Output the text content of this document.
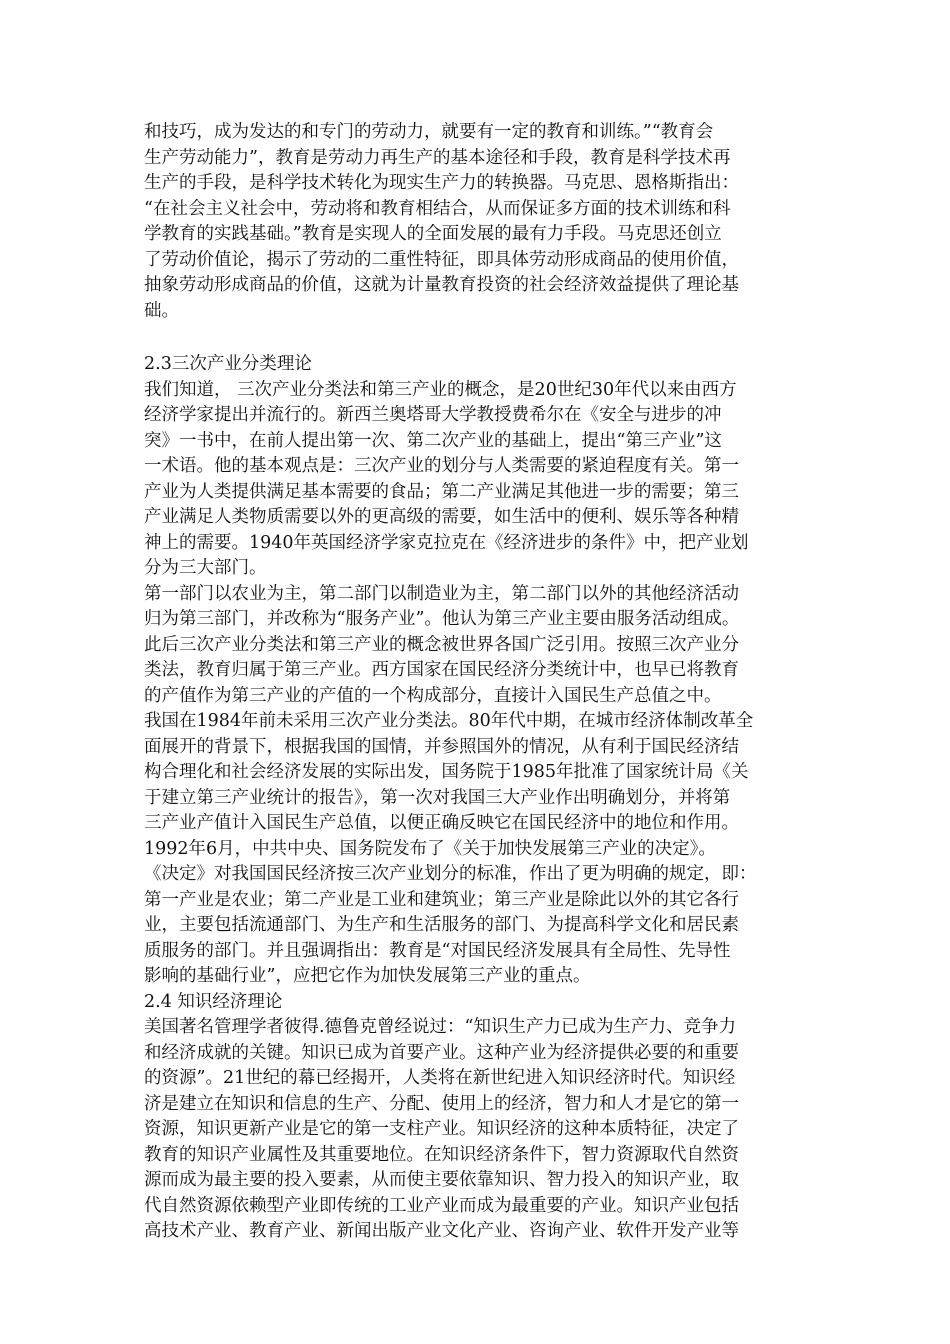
和技巧，成为发达的和专门的劳动力，就要有一定的教育和训练。”“教育会
生产劳动能力”，教育是劳动力再生产的基本途径和手段，教育是科学技术再
生产的手段，是科学技术转化为现实生产力的转换器。马克思、恩格斯指出：
“在社会主义社会中，劳动将和教育相结合，从而保证多方面的技术训练和科
学教育的实践基础。”教育是实现人的全面发展的最有力手段。马克思还创立
了劳动价值论，揭示了劳动的二重性特征，即具体劳动形成商品的使用价值，
抽象劳动形成商品的价值，这就为计量教育投资的社会经济效益提供了理论基
础。
2.3三次产业分类理论
我们知道， 三次产业分类法和第三产业的概念，是20世纪30年代以来由西方
经济学家提出并流行的。新西兰奥塔哥大学教授费希尔在《安全与进步的冲
突》一书中，在前人提出第一次、第二次产业的基础上，提出“第三产业”这
一术语。他的基本观点是：三次产业的划分与人类需要的紧迫程度有关。第一
产业为人类提供满足基本需要的食品；第二产业满足其他进一步的需要；第三
产业满足人类物质需要以外的更高级的需要，如生活中的便利、娱乐等各种精
神上的需要。1940年英国经济学家克拉克在《经济进步的条件》中，把产业划
分为三大部门。
第一部门以农业为主，第二部门以制造业为主，第二部门以外的其他经济活动
归为第三部门，并改称为“服务产业”。他认为第三产业主要由服务活动组成。
此后三次产业分类法和第三产业的概念被世界各国广泛引用。按照三次产业分
类法，教育归属于第三产业。西方国家在国民经济分类统计中，也早已将教育
的产值作为第三产业的产值的一个构成部分，直接计入国民生产总值之中。
我国在1984年前未采用三次产业分类法。80年代中期，在城市经济体制改革全
面展开的背景下，根据我国的国情，并参照国外的情况，从有利于国民经济结
构合理化和社会经济发展的实际出发，国务院于1985年批准了国家统计局《关
于建立第三产业统计的报告》，第一次对我国三大产业作出明确划分，并将第
三产业产值计入国民生产总值，以便正确反映它在国民经济中的地位和作用。
1992年6月，中共中央、国务院发布了《关于加快发展第三产业的决定》。
《决定》对我国国民经济按三次产业划分的标准，作出了更为明确的规定，即：
第一产业是农业；第二产业是工业和建筑业；第三产业是除此以外的其它各行
业，主要包括流通部门、为生产和生活服务的部门、为提高科学文化和居民素
质服务的部门。并且强调指出：教育是“对国民经济发展具有全局性、先导性
影响的基础行业”，应把它作为加快发展第三产业的重点。
2.4 知识经济理论
美国著名管理学者彼得.德鲁克曾经说过：“知识生产力已成为生产力、竞争力
和经济成就的关键。知识已成为首要产业。这种产业为经济提供必要的和重要
的资源”。21世纪的幕已经揭开，人类将在新世纪进入知识经济时代。知识经
济是建立在知识和信息的生产、分配、使用上的经济，智力和人才是它的第一
资源，知识更新产业是它的第一支柱产业。知识经济的这种本质特征，决定了
教育的知识产业属性及其重要地位。在知识经济条件下，智力资源取代自然资
源而成为最主要的投入要素，从而使主要依靠知识、智力投入的知识产业，取
代自然资源依赖型产业即传统的工业产业而成为最重要的产业。知识产业包括
高技术产业、教育产业、新闻出版产业文化产业、咨询产业、软件开发产业等
